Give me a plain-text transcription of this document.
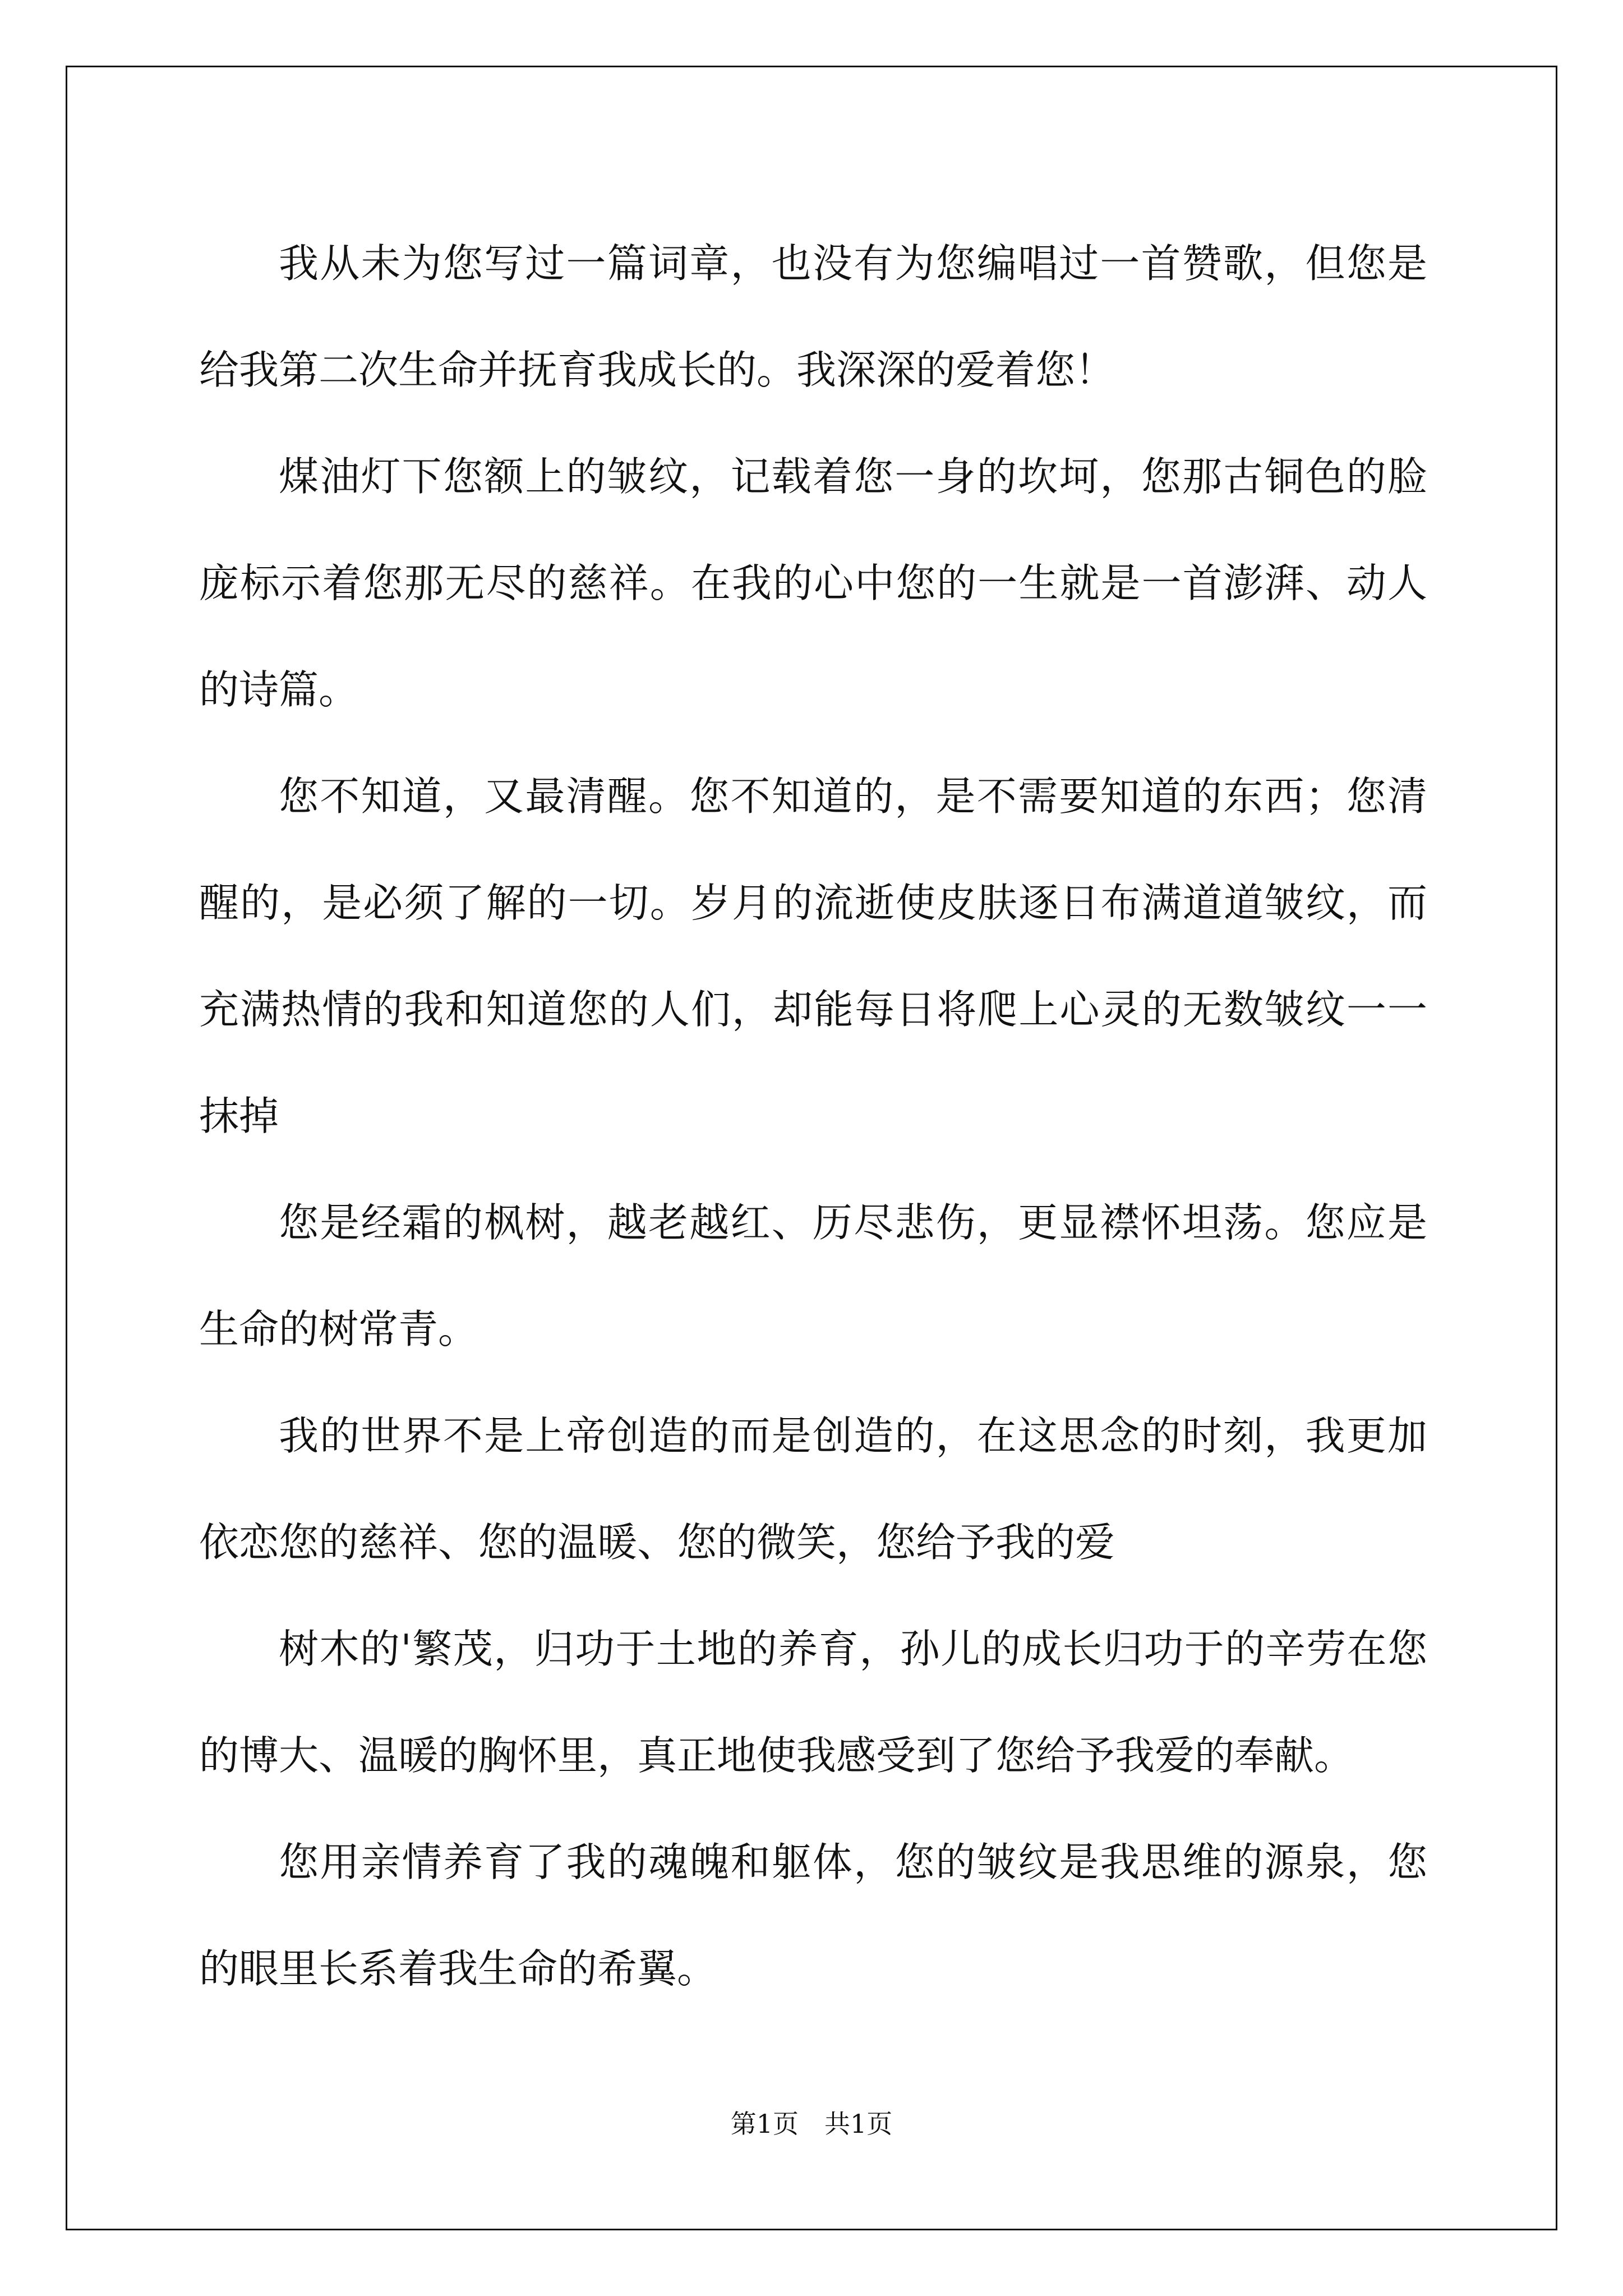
我从未为您写过一篇词章，也没有为您编唱过一首赞歌，但您是给我第二次生命并抚育我成长的。我深深的爱着您！

煤油灯下您额上的皱纹，记载着您一身的坎坷，您那古铜色的脸庞标示着您那无尽的慈祥。在我的心中您的一生就是一首澎湃、动人的诗篇。

您不知道，又最清醒。您不知道的，是不需要知道的东西；您清醒的，是必须了解的一切。岁月的流逝使皮肤逐日布满道道皱纹，而充满热情的我和知道您的人们，却能每日将爬上心灵的无数皱纹一一抹掉

您是经霜的枫树，越老越红、历尽悲伤，更显襟怀坦荡。您应是生命的树常青。

我的世界不是上帝创造的而是创造的，在这思念的时刻，我更加依恋您的慈祥、您的温暖、您的微笑，您给予我的爱

树木的'繁茂，归功于土地的养育，孙儿的成长归功于的辛劳在您的博大、温暖的胸怀里，真正地使我感受到了您给予我爱的奉献。

您用亲情养育了我的魂魄和躯体，您的皱纹是我思维的源泉，您的眼里长系着我生命的希翼。

第1页　共1页
